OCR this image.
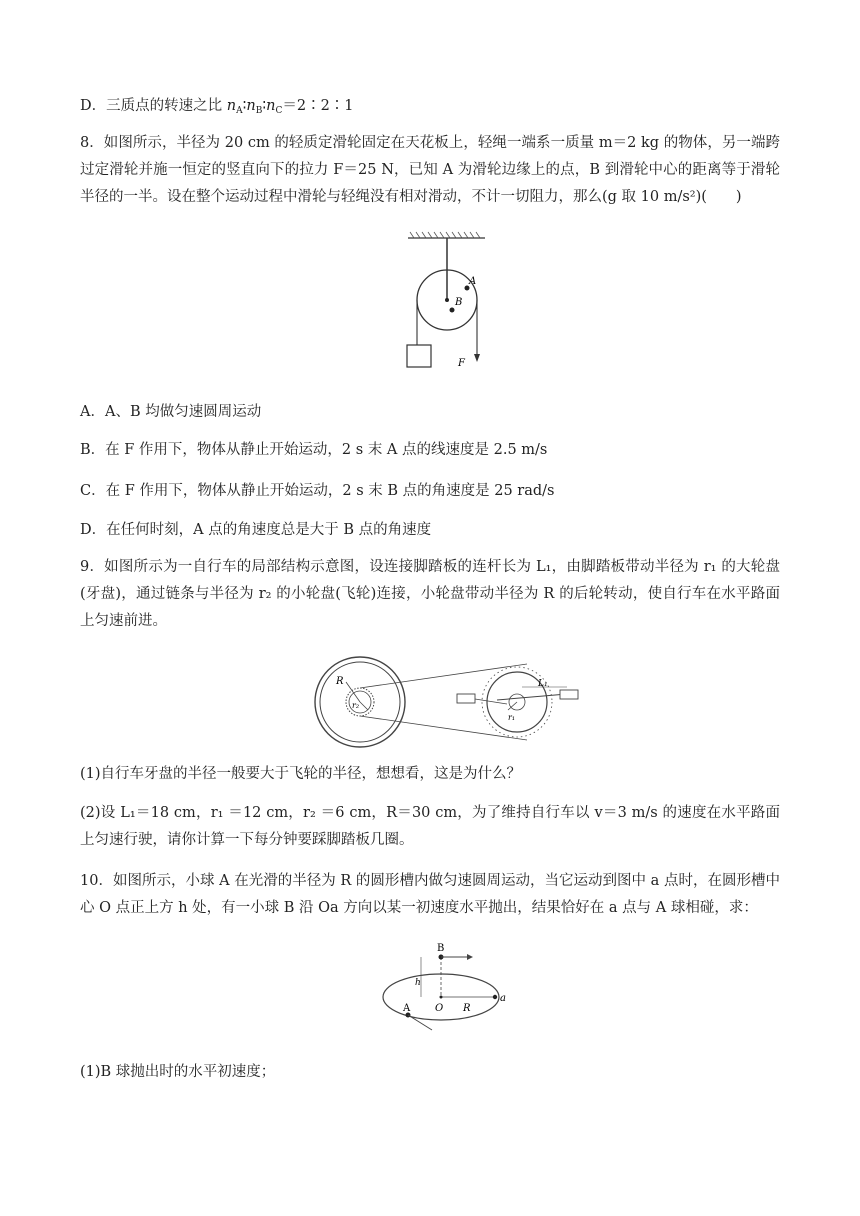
D．三质点的转速之比 $n_A∶n_B∶n_C=2∶2∶1$
8．如图所示，半径为 20 cm 的轻质定滑轮固定在天花板上，轻绳一端系一质量 m＝2 kg 的物体，另一端跨过定滑轮并施一恒定的竖直向下的拉力 F＝25 N，已知 A 为滑轮边缘上的点，B 到滑轮中心的距离等于滑轮半径的一半。设在整个运动过程中滑轮与轻绳没有相对滑动，不计一切阻力，那么(g 取 10 m/s²)(　　)
A
B
F
A．A、B 均做匀速圆周运动
B．在 F 作用下，物体从静止开始运动，2 s 末 A 点的线速度是 2.5 m/s
C．在 F 作用下，物体从静止开始运动，2 s 末 B 点的角速度是 25 rad/s
D．在任何时刻，A 点的角速度总是大于 B 点的角速度
9．如图所示为一自行车的局部结构示意图，设连接脚踏板的连杆长为 L₁，由脚踏板带动半径为 r₁ 的大轮盘(牙盘)，通过链条与半径为 r₂ 的小轮盘(飞轮)连接，小轮盘带动半径为 R 的后轮转动，使自行车在水平路面上匀速前进。
R
r₂
r₁
L₁
(1)自行车牙盘的半径一般要大于飞轮的半径，想想看，这是为什么？
(2)设 L₁＝18 cm，r₁ ＝12 cm，r₂ ＝6 cm，R＝30 cm，为了维持自行车以 v＝3 m/s 的速度在水平路面上匀速行驶，请你计算一下每分钟要踩脚踏板几圈。
10．如图所示，小球 A 在光滑的半径为 R 的圆形槽内做匀速圆周运动，当它运动到图中 a 点时，在圆形槽中心 O 点正上方 h 处，有一小球 B 沿 Oa 方向以某一初速度水平抛出，结果恰好在 a 点与 A 球相碰，求：
B
h
O R
a
A
(1)B 球抛出时的水平初速度；
